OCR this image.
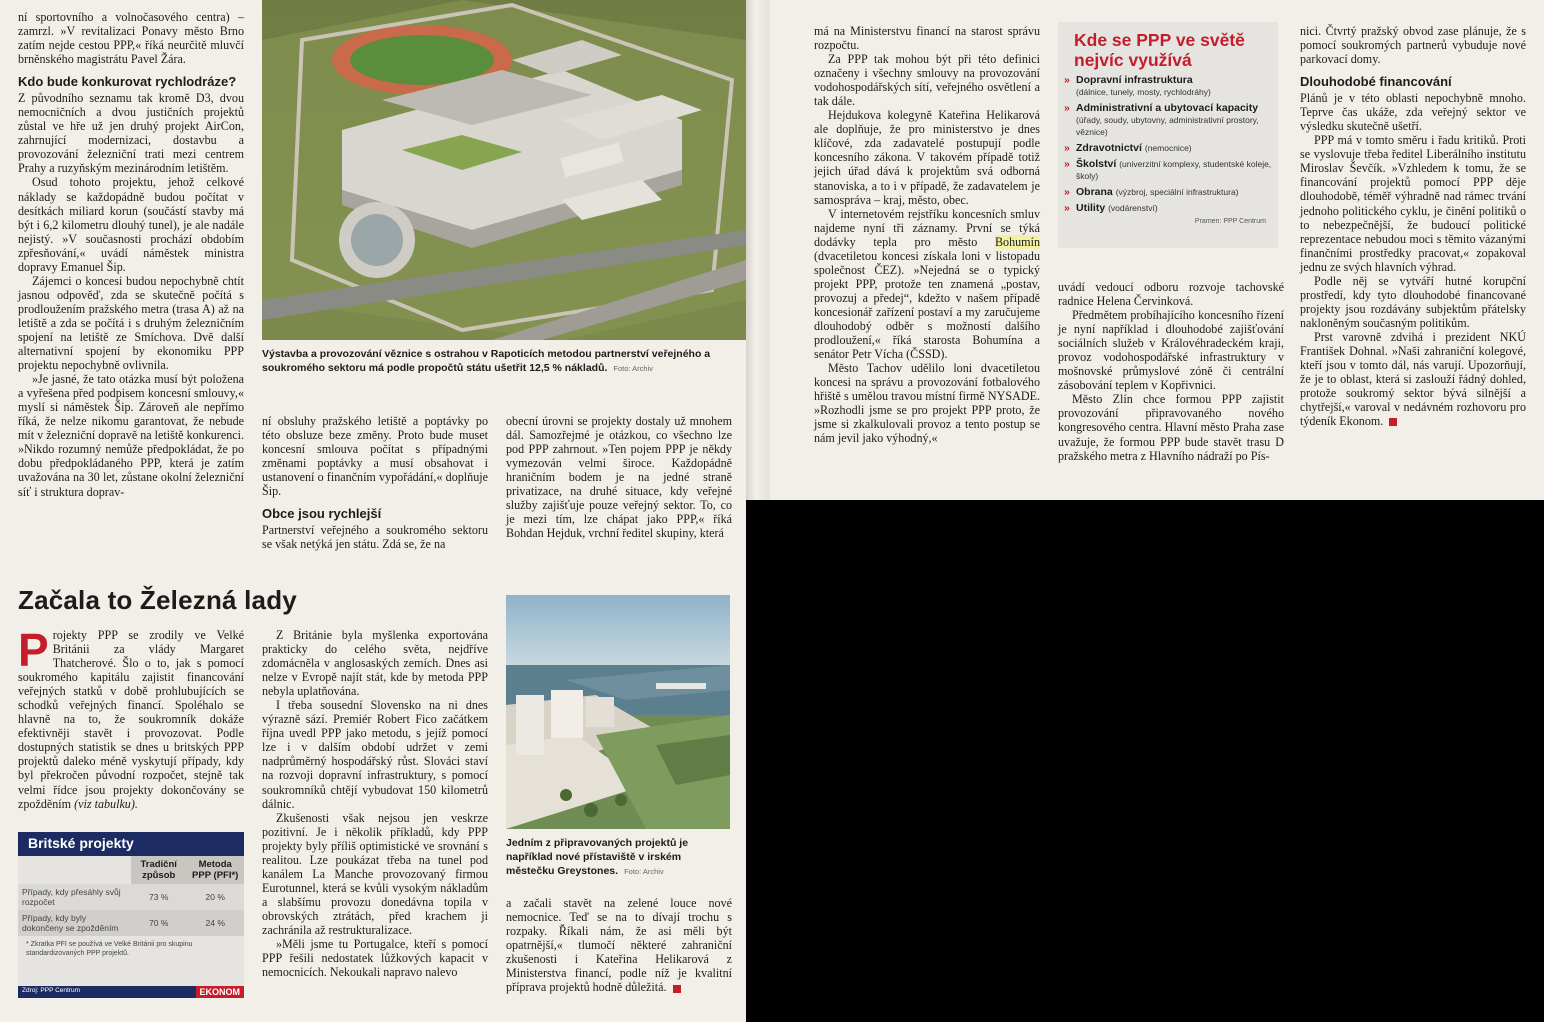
ní sportovního a volnočasového centra) – zamrzl. »V revitalizaci Ponavy město Brno zatím nejde cestou PPP,« říká neurčitě mluvčí brněnského magistrátu Pavel Žára.

Kdo bude konkurovat rychlodráze?

Z původního seznamu tak kromě D3, dvou nemocničních a dvou justičních projektů zůstal ve hře už jen druhý projekt AirCon, zahrnující modernizaci, dostavbu a provozování železniční trati mezi centrem Prahy a ruzyňským mezinárodním letištěm.

Osud tohoto projektu, jehož celkové náklady se každopádně budou počítat v desítkách miliard korun (součástí stavby má být i 6,2 kilometru dlouhý tunel), je ale nadále nejistý. »V současnosti prochází obdobím zpřesňování,« uvádí náměstek ministra dopravy Emanuel Šip.

Zájemci o koncesi budou nepochybně chtít jasnou odpověď, zda se skutečně počítá s prodloužením pražského metra (trasa A) až na letiště a zda se počítá i s druhým železničním spojení na letiště ze Smíchova. Dvě další alternativní spojení by ekonomiku PPP projektu nepochybně ovlivnila.

»Je jasné, že tato otázka musí být položena a vyřešena před podpisem koncesní smlouvy,« myslí si náměstek Šip. Zároveň ale nepřímo říká, že nelze nikomu garantovat, že nebude mít v železniční dopravě na letiště konkurenci. »Nikdo rozumný nemůže předpokládat, že po dobu předpokládaného PPP, která je zatím uvažována na 30 let, zůstane okolní železniční síť i struktura doprav-

Výstavba a provozování věznice s ostrahou v Rapoticích metodou partnerství veřejného a soukromého sektoru má podle propočtů státu ušetřit 12,5 % nákladů. Foto: Archiv

ní obsluhy pražského letiště a poptávky po této obsluze beze změny. Proto bude muset koncesní smlouva počítat s případnými změnami poptávky a musí obsahovat i ustanovení o finančním vypořádání,« doplňuje Šip.

Obce jsou rychlejší

Partnerství veřejného a soukromého sektoru se však netýká jen státu. Zdá se, že na

obecní úrovni se projekty dostaly už mnohem dál. Samozřejmé je otázkou, co všechno lze pod PPP zahrnout. »Ten pojem PPP je někdy vymezován velmi široce. Každopádně hraničním bodem je na jedné straně privatizace, na druhé situace, kdy veřejné služby zajišťuje pouze veřejný sektor. To, co je mezi tím, lze chápat jako PPP,« říká Bohdan Hejduk, vrchní ředitel skupiny, která

Začala to Železná lady

Projekty PPP se zrodily ve Velké Británii za vlády Margaret Thatcherové. Šlo o to, jak s pomocí soukromého kapitálu zajistit financování veřejných statků v době prohlubujících se schodků veřejných financí. Spoléhalo se hlavně na to, že soukromník dokáže efektivněji stavět i provozovat. Podle dostupných statistik se dnes u britských PPP projektů daleko méně vyskytují případy, kdy byl překročen původní rozpočet, stejně tak velmi řídce jsou projekty dokončovány se zpožděním (viz tabulku).

Britské projekty
	Tradiční způsob	Metoda PPP (PFI*)
Případy, kdy přesáhly svůj rozpočet	73 %	20 %
Případy, kdy byly dokončeny se zpožděním	70 %	24 %
* Zkratka PFI se používá ve Velké Británii pro skupinu standardizovaných PPP projektů.
Zdroj: PPP Centrum	EKONOM

Z Británie byla myšlenka exportována prakticky do celého světa, nejdříve zdomácněla v anglosaských zemích. Dnes asi nelze v Evropě najít stát, kde by metoda PPP nebyla uplatňována.

I třeba sousední Slovensko na ni dnes výrazně sází. Premiér Robert Fico začátkem října uvedl PPP jako metodu, s jejíž pomocí lze i v dalším období udržet v zemi nadprůměrný hospodářský růst. Slováci staví na rozvoji dopravní infrastruktury, s pomocí soukromníků chtějí vybudovat 150 kilometrů dálnic.

Zkušenosti však nejsou jen veskrze pozitivní. Je i několik příkladů, kdy PPP projekty byly příliš optimistické ve srovnání s realitou. Lze poukázat třeba na tunel pod kanálem La Manche provozovaný firmou Eurotunnel, která se kvůli vysokým nákladům a slabšímu provozu donedávna topila v obrovských ztrátách, před krachem ji zachránila až restrukturalizace.

»Měli jsme tu Portugalce, kteří s pomocí PPP řešili nedostatek lůžkových kapacit v nemocnicích. Nekoukali napravo nalevo

Jedním z připravovaných projektů je například nové přístaviště v irském městečku Greystones. Foto: Archiv

a začali stavět na zelené louce nové nemocnice. Teď se na to dívají trochu s rozpaky. Říkali nám, že asi měli být opatrnější,« tlumočí některé zahraniční zkušenosti i Kateřina Helikarová z Ministerstva financí, podle níž je kvalitní příprava projektů hodně důležitá.

má na Ministerstvu financí na starost správu rozpočtu.

Za PPP tak mohou být při této definici označeny i všechny smlouvy na provozování vodohospodářských sítí, veřejného osvětlení a tak dále.

Hejdukova kolegyně Kateřina Helikarová ale doplňuje, že pro ministerstvo je dnes klíčové, zda zadavatelé postupují podle koncesního zákona. V takovém případě totiž jejich úřad dává k projektům svá odborná stanoviska, a to i v případě, že zadavatelem je samospráva – kraj, město, obec.

V internetovém rejstříku koncesních smluv najdeme nyní tři záznamy. První se týká dodávky tepla pro město Bohumín (dvacetiletou koncesi získala loni v listopadu společnost ČEZ). »Nejedná se o typický projekt PPP, protože ten znamená „postav, provozuj a předej“, kdežto v našem případě koncesionář zařízení postaví a my zaručujeme dlouhodobý odběr s možností dalšího prodloužení,« říká starosta Bohumína a senátor Petr Vícha (ČSSD).

Město Tachov udělilo loni dvacetiletou koncesi na správu a provozování fotbalového hřiště s umělou travou místní firmě NYSADE. »Rozhodli jsme se pro projekt PPP proto, že jsme si zkalkulovali provoz a tento postup se nám jevil jako výhodný,«

Kde se PPP ve světě nejvíc využívá
» Dopravní infrastruktura
(dálnice, tunely, mosty, rychlodráhy)
» Administrativní a ubytovací kapacity
(úřady, soudy, ubytovny, administrativní prostory, věznice)
» Zdravotnictví (nemocnice)
» Školství (univerzitní komplexy, studentské koleje, školy)
» Obrana (výzbroj, speciální infrastruktura)
» Utility (vodárenství)
Pramen: PPP Centrum

uvádí vedoucí odboru rozvoje tachovské radnice Helena Červinková.

Předmětem probíhajícího koncesního řízení je nyní například i dlouhodobé zajišťování sociálních služeb v Královéhradeckém kraji, provoz vodohospodářské infrastruktury v mošnovské průmyslové zóně či centrální zásobování teplem v Kopřivnici.

Město Zlín chce formou PPP zajistit provozování připravovaného nového kongresového centra. Hlavní město Praha zase uvažuje, že formou PPP bude stavět trasu D pražského metra z Hlavního nádraží po Pís-

nici. Čtvrtý pražský obvod zase plánuje, že s pomocí soukromých partnerů vybuduje nové parkovací domy.

Dlouhodobé financování

Plánů je v této oblasti nepochybně mnoho. Teprve čas ukáže, zda veřejný sektor ve výsledku skutečně ušetří.

PPP má v tomto směru i řadu kritiků. Proti se vyslovuje třeba ředitel Liberálního institutu Miroslav Ševčík. »Vzhledem k tomu, že se financování projektů pomocí PPP děje dlouhodobě, téměř výhradně nad rámec trvání jednoho politického cyklu, je činění politiků o to nebezpečnější, že budoucí politické reprezentace nebudou moci s těmito vázanými finančními prostředky pracovat,« zopakoval jednu ze svých hlavních výhrad.

Podle něj se vytváří hutné korupční prostředí, kdy tyto dlouhodobé financované projekty jsou rozdávány subjektům přátelsky nakloněným současným politikům.

Prst varovně zdvihá i prezident NKÚ František Dohnal. »Naši zahraniční kolegové, kteří jsou v tomto dál, nás varují. Upozorňují, že je to oblast, která si zaslouží řádný dohled, protože soukromý sektor bývá silnější a chytřejší,« varoval v nedávném rozhovoru pro týdeník Ekonom.
